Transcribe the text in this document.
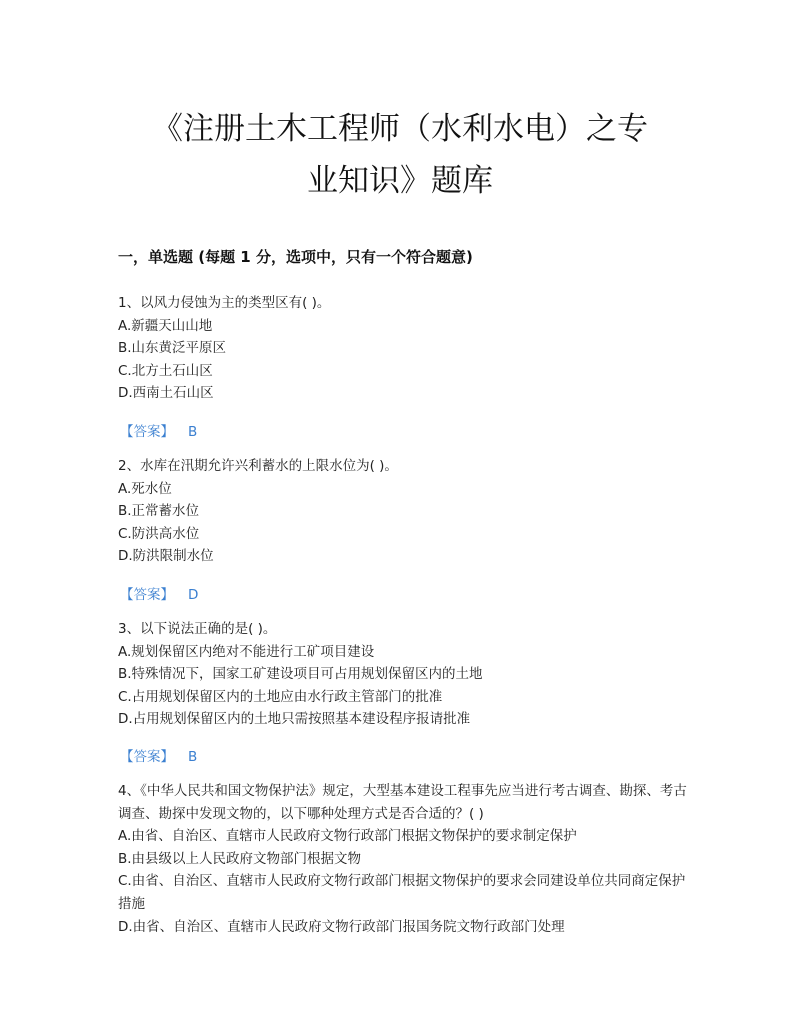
《注册土木工程师（水利水电）之专
业知识》题库
一，单选题 (每题 1 分，选项中，只有一个符合题意)
1、以风力侵蚀为主的类型区有( )。
A.新疆天山山地
B.山东黄泛平原区
C.北方土石山区
D.西南土石山区
【答案】 B
2、水库在汛期允许兴利蓄水的上限水位为( )。
A.死水位
B.正常蓄水位
C.防洪高水位
D.防洪限制水位
【答案】 D
3、以下说法正确的是( )。
A.规划保留区内绝对不能进行工矿项目建设
B.特殊情况下，国家工矿建设项目可占用规划保留区内的土地
C.占用规划保留区内的土地应由水行政主管部门的批准
D.占用规划保留区内的土地只需按照基本建设程序报请批准
【答案】 B
4、《中华人民共和国文物保护法》规定，大型基本建设工程事先应当进行考古调查、勘探、考古调查、勘探中发现文物的，以下哪种处理方式是否合适的？( )
A.由省、自治区、直辖市人民政府文物行政部门根据文物保护的要求制定保护
B.由县级以上人民政府文物部门根据文物
C.由省、自治区、直辖市人民政府文物行政部门根据文物保护的要求会同建设单位共同商定保护措施
D.由省、自治区、直辖市人民政府文物行政部门报国务院文物行政部门处理
